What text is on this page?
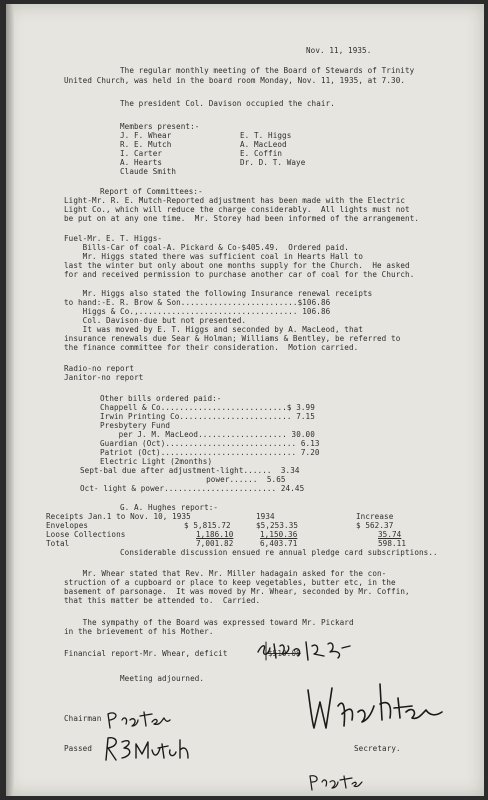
Nov. 11, 1935.
The regular monthly meeting of the Board of Stewards of Trinity
United Church, was held in the board room Monday, Nov. 11, 1935, at 7.30.
The president Col. Davison occupied the chair.
Members present:-
J. F. Whear
R. E. Mutch
I. Carter
A. Hearts
Claude Smith
E. T. Higgs
A. MacLeod
E. Coffin
Dr. D. T. Waye
Report of Committees:-
Light-Mr. R. E. Mutch-Reported adjustment has been made with the Electric
Light Co., which will reduce the charge considerably.  All lights must not
be put on at any one time.  Mr. Storey had been informed of the arrangement.
Fuel-Mr. E. T. Higgs-
Bills-Car of coal-A. Pickard & Co-$405.49.  Ordered paid.
Mr. Higgs stated there was sufficient coal in Hearts Hall to
last the winter but only about one months supply for the Church.  He asked
for and received permission to purchase another car of coal for the Church.
Mr. Higgs also stated the following Insurance renewal receipts
to hand:-E. R. Brow & Son.........................$106.86
Higgs & Co.,.................................. 106.86
Col. Davison-due but not presented.
It was moved by E. T. Higgs and seconded by A. MacLeod, that
insurance renewals due Sear & Holman; Williams & Bentley, be referred to
the finance committee for their consideration.  Motion carried.
Radio-no report
Janitor-no report
Other bills ordered paid:-
Chappell & Co...........................$ 3.99
Irwin Printing Co........................ 7.15
Presbytery Fund
per J. M. MacLeod................... 30.00
Guardian (Oct)............................ 6.13
Patriot (Oct)............................. 7.20
Electric Light (2months)
Sept-bal due after adjustment-light......  3.34
power......  5.65
Oct- light & power........................ 24.45
G. A. Hughes report:-
Receipts Jan.1 to Nov. 10, 1935	1934	Increase
Envelopes	$ 5,815.72	$5,253.35	$ 562.37
Loose Collections	1,186.10	1,150.36	35.74
Total	7,001.82	6,403.71	598.11
Considerable discussion ensued re annual pledge card subscriptions..
Mr. Whear stated that Rev. Mr. Miller hadagain asked for the con-
struction of a cupboard or place to keep vegetables, butter etc, in the
basement of parsonage.  It was moved by Mr. Whear, seconded by Mr. Coffin,
that this matter be attended to.  Carried.
The sympathy of the Board was expressed toward Mr. Pickard
in the brievement of his Mother.
Financial report-Mr. Whear, deficit	$510.08
Meeting adjourned.
Chairman
Passed	Secretary.
